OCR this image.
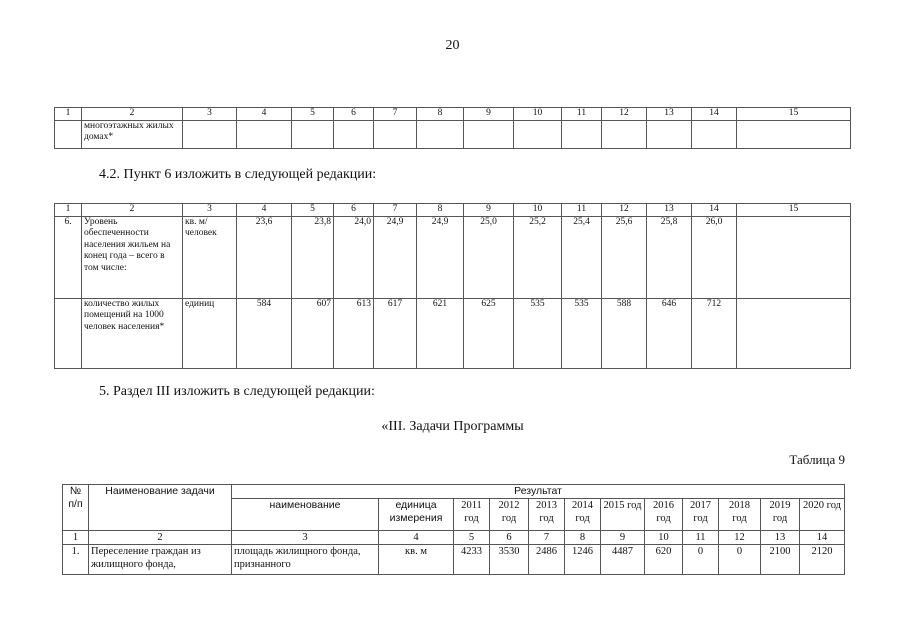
20
1	2	3	4	5	6	7	8	9	10	11	12	13	14	15
	многоэтажных жилых домах*													
4.2. Пункт 6 изложить в следующей редакции:
1	2	3	4	5	6	7	8	9	10	11	12	13	14	15
6.	Уровень обеспеченности населения жильем на конец года – всего в том числе:	кв. м/ человек	23,6	23,8	24,0	24,9	24,9	25,0	25,2	25,4	25,6	25,8	26,0	
	количество жилых помещений на 1000 человек населения*	единиц	584	607	613	617	621	625	535	535	588	646	712	
5. Раздел III изложить в следующей редакции:
«III. Задачи Программы
Таблица 9
№ п/п	Наименование задачи	Результат											
		наименование	единица измерения	2011 год	2012 год	2013 год	2014 год	2015 год	2016 год	2017 год	2018 год	2019 год	2020 год
1	2	3	4	5	6	7	8	9	10	11	12	13	14
1.	Переселение граждан из жилищного фонда,	площадь жилищного фонда, признанного	кв. м	4233	3530	2486	1246	4487	620	0	0	2100	2120
